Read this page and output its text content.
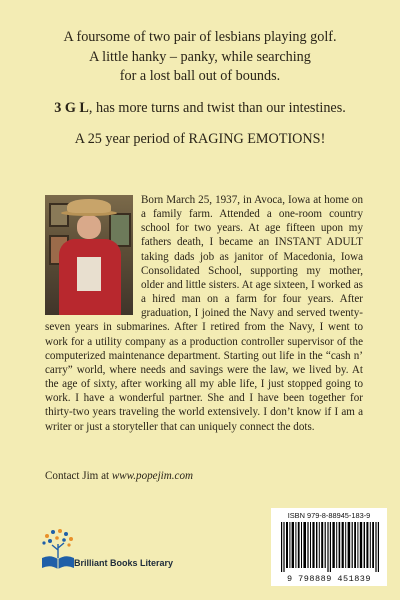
A foursome of two pair of lesbians playing golf.

A little hanky – panky, while searching

for a lost ball out of bounds.

3 G L, has more turns and twist than our intestines.

A 25 year period of RAGING EMOTIONS!

Born March 25, 1937, in Avoca, Iowa at home on a family farm. Attended a one-room country school for two years. At age fifteen upon my fathers death, I became an INSTANT ADULT taking dads job as janitor of Macedonia, Iowa Consolidated School, supporting my mother, older and little sisters. At age sixteen, I worked as a hired man on a farm for four years. After graduation, I joined the Navy and served twenty-seven years in submarines. After I retired from the Navy, I went to work for a utility company as a production controller supervisor of the computerized maintenance department. Starting out life in the “cash n’ carry” world, where needs and savings were the law, we lived by. At the age of sixty, after working all my able life, I just stopped going to work. I have a wonderful partner. She and I have been together for thirty-two years traveling the world extensively. I don’t know if I am a writer or just a storyteller that can uniquely connect the dots.

Contact Jim at www.popejim.com
Brilliant Books Literary
ISBN 979-8-88945-183-9
9 798889 451839
